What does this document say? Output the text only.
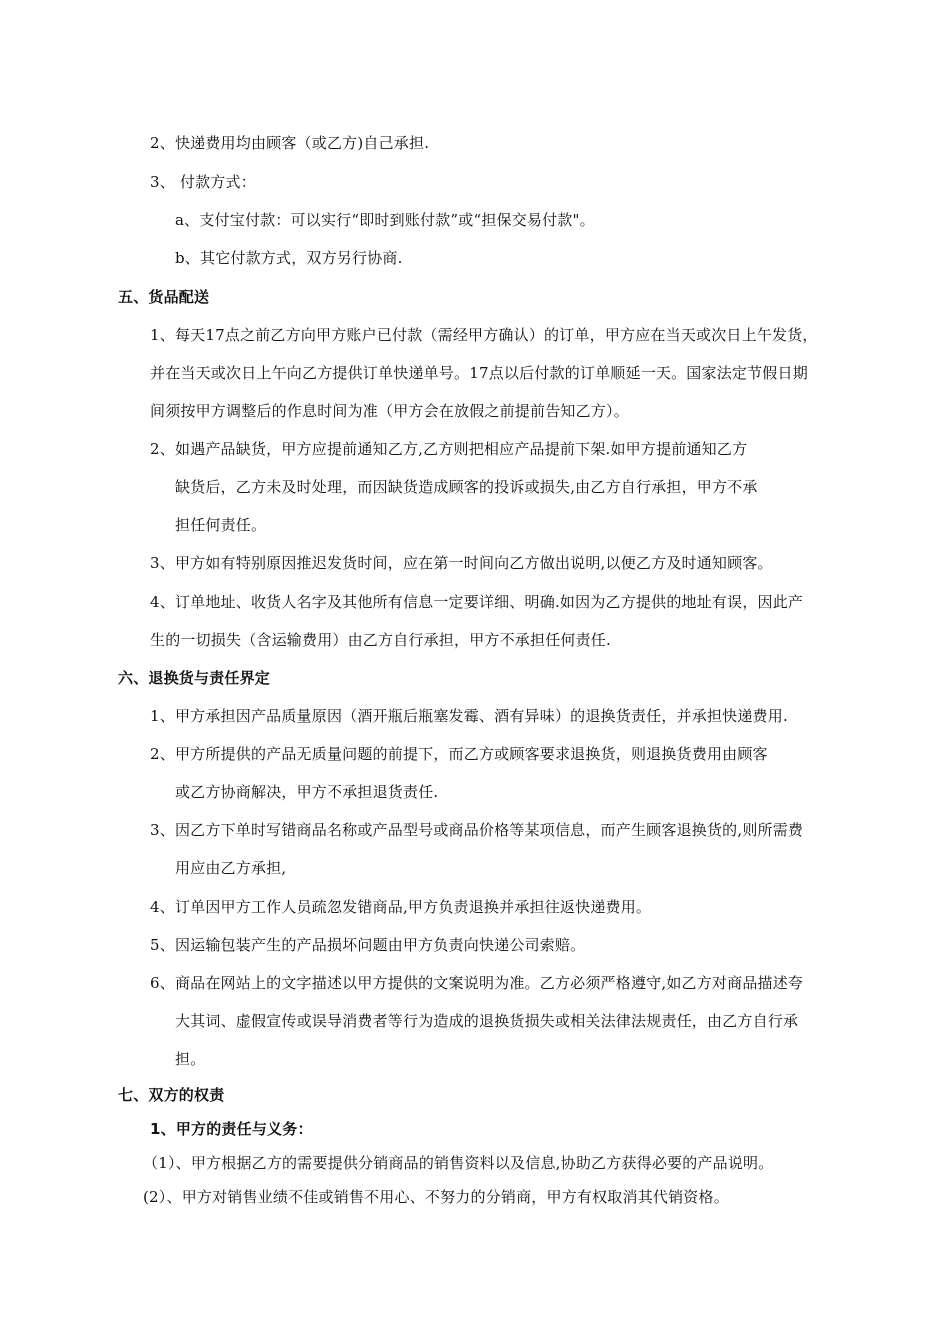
2、快递费用均由顾客（或乙方)自己承担.
3、 付款方式：
a、支付宝付款：可以实行“即时到账付款”或“担保交易付款"。
b、其它付款方式，双方另行协商.
五、货品配送
1、每天17点之前乙方向甲方账户已付款（需经甲方确认）的订单，甲方应在当天或次日上午发货，
并在当天或次日上午向乙方提供订单快递单号。17点以后付款的订单顺延一天。国家法定节假日期
间须按甲方调整后的作息时间为准（甲方会在放假之前提前告知乙方）。
2、如遇产品缺货，甲方应提前通知乙方,乙方则把相应产品提前下架.如甲方提前通知乙方
缺货后，乙方未及时处理，而因缺货造成顾客的投诉或损失,由乙方自行承担，甲方不承
担任何责任。
3、甲方如有特别原因推迟发货时间，应在第一时间向乙方做出说明,以便乙方及时通知顾客。
4、订单地址、收货人名字及其他所有信息一定要详细、明确.如因为乙方提供的地址有误，因此产
生的一切损失（含运输费用）由乙方自行承担，甲方不承担任何责任.
六、退换货与责任界定
1、甲方承担因产品质量原因（酒开瓶后瓶塞发霉、酒有异味）的退换货责任，并承担快递费用.
2、甲方所提供的产品无质量问题的前提下，而乙方或顾客要求退换货，则退换货费用由顾客
或乙方协商解决，甲方不承担退货责任.
3、因乙方下单时写错商品名称或产品型号或商品价格等某项信息，而产生顾客退换货的,则所需费
用应由乙方承担,
4、订单因甲方工作人员疏忽发错商品,甲方负责退换并承担往返快递费用。
5、因运输包装产生的产品损坏问题由甲方负责向快递公司索赔。
6、商品在网站上的文字描述以甲方提供的文案说明为准。乙方必须严格遵守,如乙方对商品描述夸
大其词、虚假宣传或误导消费者等行为造成的退换货损失或相关法律法规责任，由乙方自行承
担。
七、双方的权责
1、甲方的责任与义务：
（1）、甲方根据乙方的需要提供分销商品的销售资料以及信息,协助乙方获得必要的产品说明。
(2）、甲方对销售业绩不佳或销售不用心、不努力的分销商，甲方有权取消其代销资格。
